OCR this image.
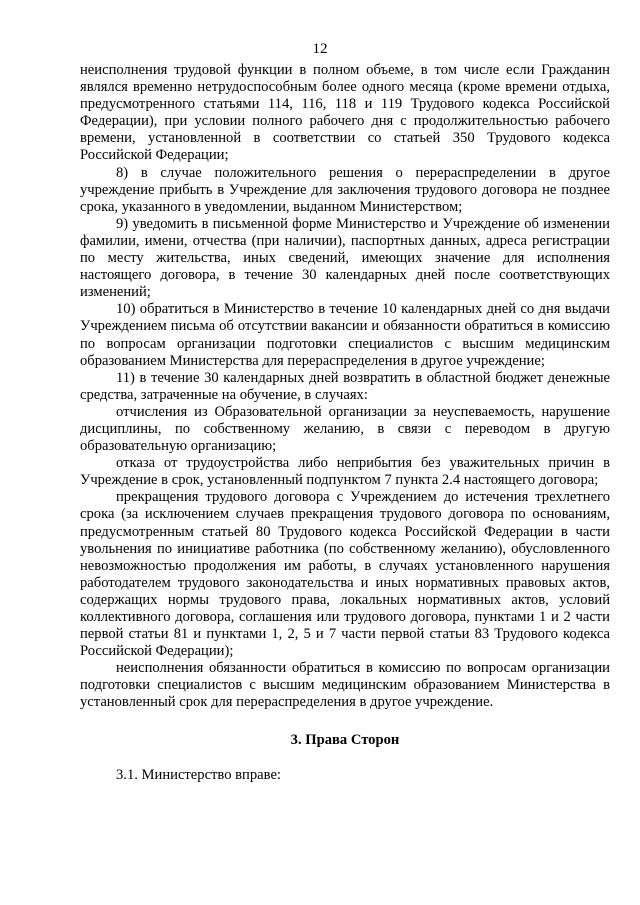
12

неисполнения трудовой функции в полном объеме, в том числе если Гражданин являлся временно нетрудоспособным более одного месяца (кроме времени отдыха, предусмотренного статьями 114, 116, 118 и 119 Трудового кодекса Российской Федерации), при условии полного рабочего дня с продолжительностью рабочего времени, установленной в соответствии со статьей 350 Трудового кодекса Российской Федерации;

8) в случае положительного решения о перераспределении в другое учреждение прибыть в Учреждение для заключения трудового договора не позднее срока, указанного в уведомлении, выданном Министерством;

9) уведомить в письменной форме Министерство и Учреждение об изменении фамилии, имени, отчества (при наличии), паспортных данных, адреса регистрации по месту жительства, иных сведений, имеющих значение для исполнения настоящего договора, в течение 30 календарных дней после соответствующих изменений;

10) обратиться в Министерство в течение 10 календарных дней со дня выдачи Учреждением письма об отсутствии вакансии и обязанности обратиться в комиссию по вопросам организации подготовки специалистов с высшим медицинским образованием Министерства для перераспределения в другое учреждение;

11) в течение 30 календарных дней возвратить в областной бюджет денежные средства, затраченные на обучение, в случаях:

отчисления из Образовательной организации за неуспеваемость, нарушение дисциплины, по собственному желанию, в связи с переводом в другую образовательную организацию;

отказа от трудоустройства либо неприбытия без уважительных причин в Учреждение в срок, установленный подпунктом 7 пункта 2.4 настоящего договора;

прекращения трудового договора с Учреждением до истечения трехлетнего срока (за исключением случаев прекращения трудового договора по основаниям, предусмотренным статьей 80 Трудового кодекса Российской Федерации в части увольнения по инициативе работника (по собственному желанию), обусловленного невозможностью продолжения им работы, в случаях установленного нарушения работодателем трудового законодательства и иных нормативных правовых актов, содержащих нормы трудового права, локальных нормативных актов, условий коллективного договора, соглашения или трудового договора, пунктами 1 и 2 части первой статьи 81 и пунктами 1, 2, 5 и 7 части первой статьи 83 Трудового кодекса Российской Федерации);

неисполнения обязанности обратиться в комиссию по вопросам организации подготовки специалистов с высшим медицинским образованием Министерства в установленный срок для перераспределения в другое учреждение.

3. Права Сторон

3.1. Министерство вправе:
